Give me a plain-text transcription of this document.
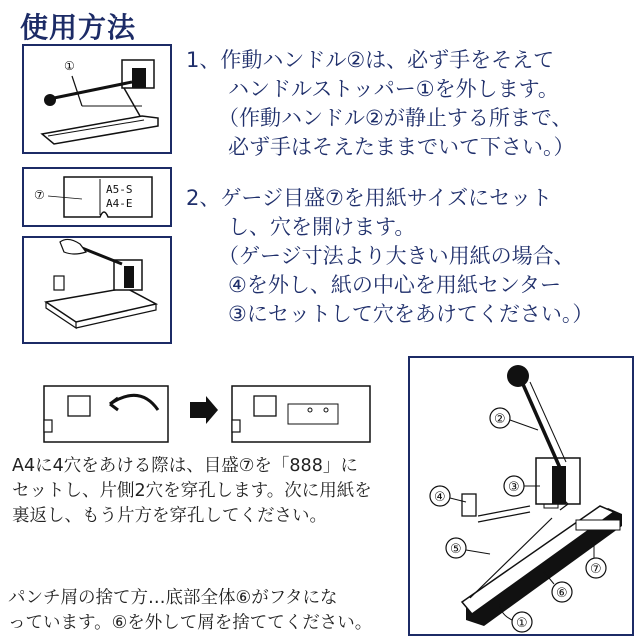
使用方法
①	1、作動ハンドル②は、必ず手をそえて
ハンドルストッパー①を外します。
（作動ハンドル②が静止する所まで、
必ず手はそえたままでいて下さい。）
⑦	A5-S
A4-E	2、ゲージ目盛⑦を用紙サイズにセット
し、穴を開けます。
（ゲージ寸法より大きい用紙の場合、
④を外し、紙の中心を用紙センター
③にセットして穴をあけてください。）
A4に4穴をあける際は、目盛⑦を「888」に
セットし、片側2穴を穿孔します。次に用紙を
裏返し、もう片方を穿孔してください。
パンチ屑の捨て方…底部全体⑥がフタにな
っています。⑥を外して屑を捨ててください。
②
③
④
⑤
⑥
⑦
①
